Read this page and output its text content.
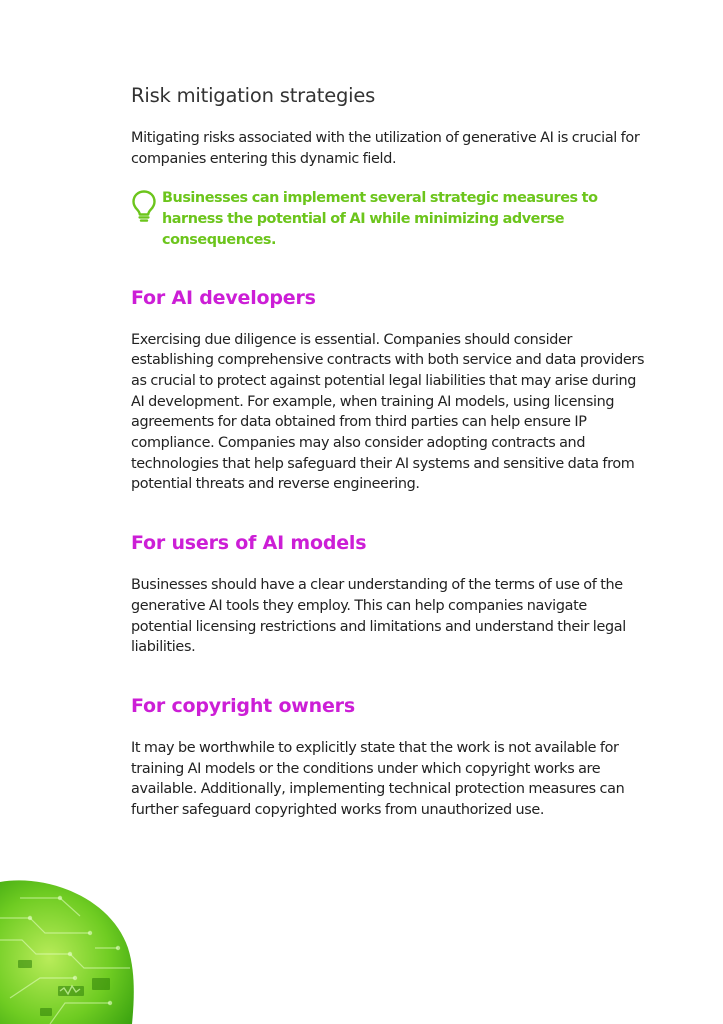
Risk mitigation strategies

Mitigating risks associated with the utilization of generative AI is crucial for companies entering this dynamic field.

Businesses can implement several strategic measures to harness the potential of AI while minimizing adverse consequences.

For AI developers

Exercising due diligence is essential. Companies should consider establishing comprehensive contracts with both service and data providers as crucial to protect against potential legal liabilities that may arise during AI development. For example, when training AI models, using licensing agreements for data obtained from third parties can help ensure IP compliance. Companies may also consider adopting contracts and technologies that help safeguard their AI systems and sensitive data from potential threats and reverse engineering.

For users of AI models

Businesses should have a clear understanding of the terms of use of the generative AI tools they employ. This can help companies navigate potential licensing restrictions and limitations and understand their legal liabilities.

For copyright owners

It may be worthwhile to explicitly state that the work is not available for training AI models or the conditions under which copyright works are available. Additionally, implementing technical protection measures can further safeguard copyrighted works from unauthorized use.
